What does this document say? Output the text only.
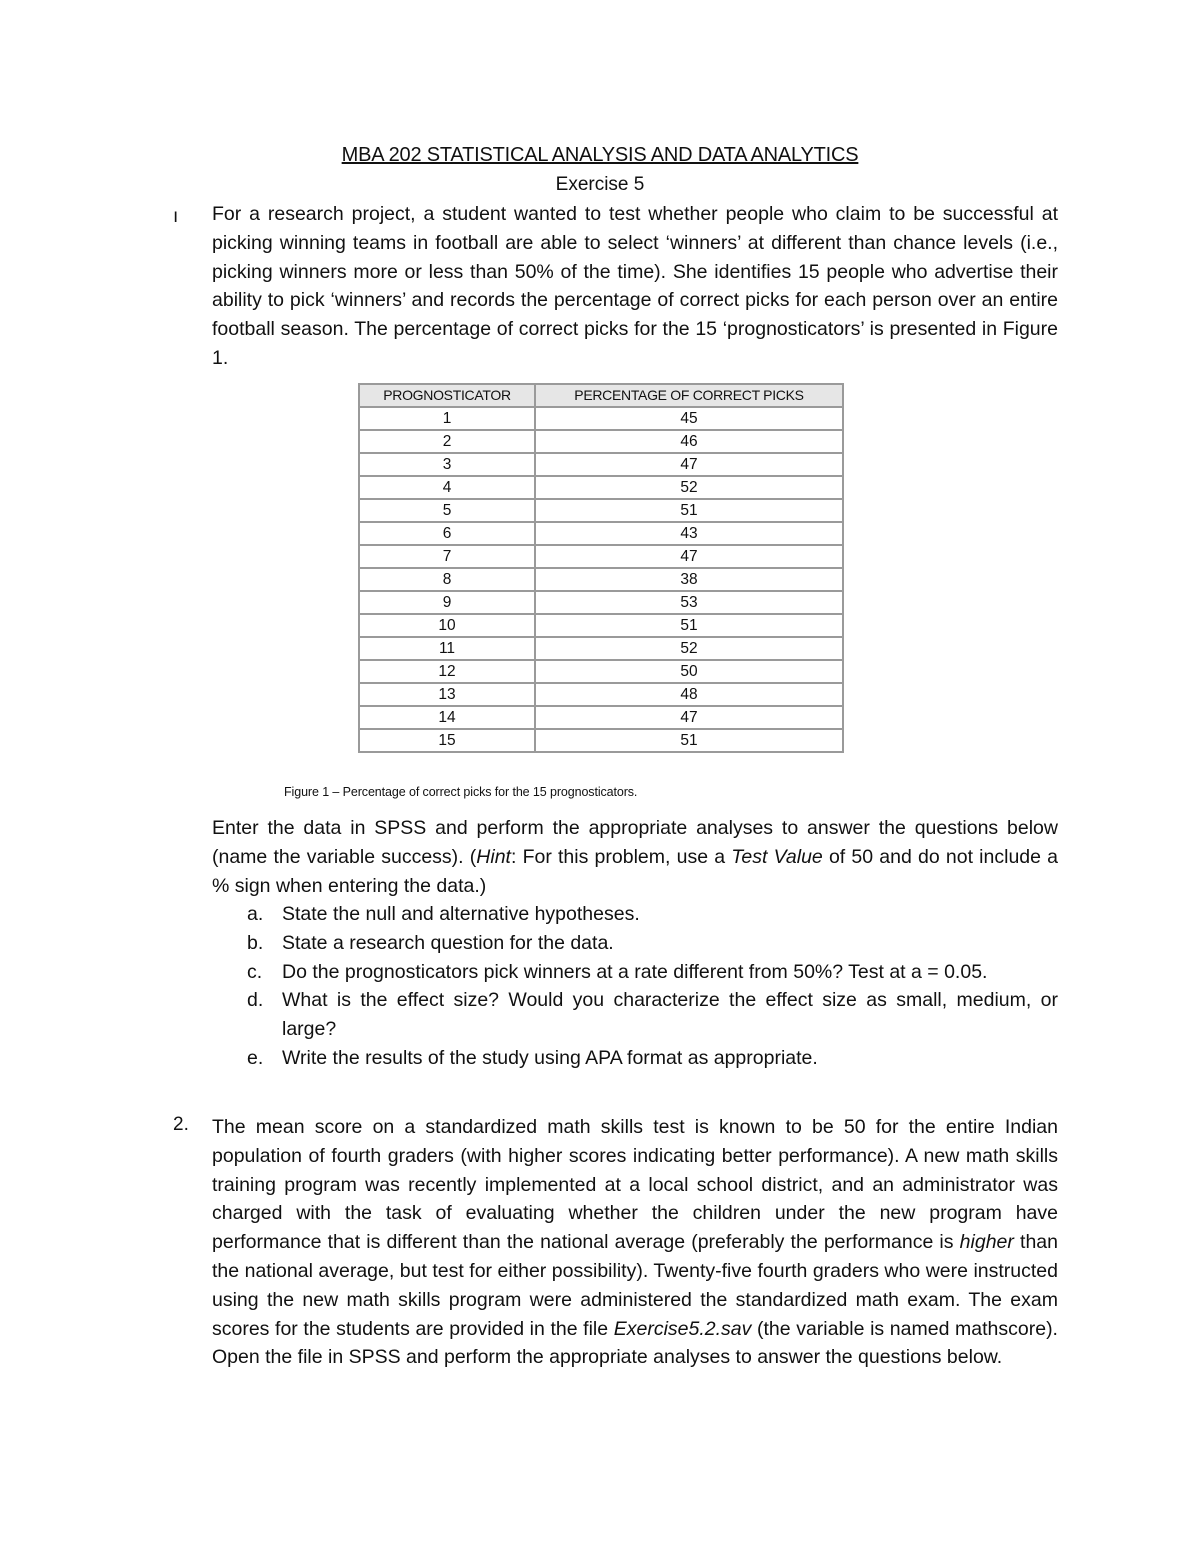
MBA 202 STATISTICAL ANALYSIS AND DATA ANALYTICS
Exercise 5
ı For a research project, a student wanted to test whether people who claim to be successful at picking winning teams in football are able to select ‘winners’ at different than chance levels (i.e., picking winners more or less than 50% of the time). She identifies 15 people who advertise their ability to pick ‘winners’ and records the percentage of correct picks for each person over an entire football season. The percentage of correct picks for the 15 ‘prognosticators’ is presented in Figure 1.
PROGNOSTICATOR	PERCENTAGE OF CORRECT PICKS
1	45
2	46
3	47
4	52
5	51
6	43
7	47
8	38
9	53
10	51
11	52
12	50
13	48
14	47
15	51
Figure 1 – Percentage of correct picks for the 15 prognosticators.
Enter the data in SPSS and perform the appropriate analyses to answer the questions below (name the variable success). (Hint: For this problem, use a Test Value of 50 and do not include a % sign when entering the data.)
a. State the null and alternative hypotheses.
b. State a research question for the data.
c.	Do the prognosticators pick winners at a rate different from 50%? Test at a = 0.05.
d. What is the effect size? Would you characterize the effect size as small, medium, or large?
e. Write the results of the study using APA format as appropriate.
2. The mean score on a standardized math skills test is known to be 50 for the entire Indian population of fourth graders (with higher scores indicating better performance). A new math skills training program was recently implemented at a local school district, and an administrator was charged with the task of evaluating whether the children under the new program have performance that is different than the national average (preferably the performance is higher than the national average, but test for either possibility). Twenty-five fourth graders who were instructed using the new math skills program were administered the standardized math exam. The exam scores for the students are provided in the file Exercise5.2.sav (the variable is named mathscore). Open the file in SPSS and perform the appropriate analyses to answer the questions below.
